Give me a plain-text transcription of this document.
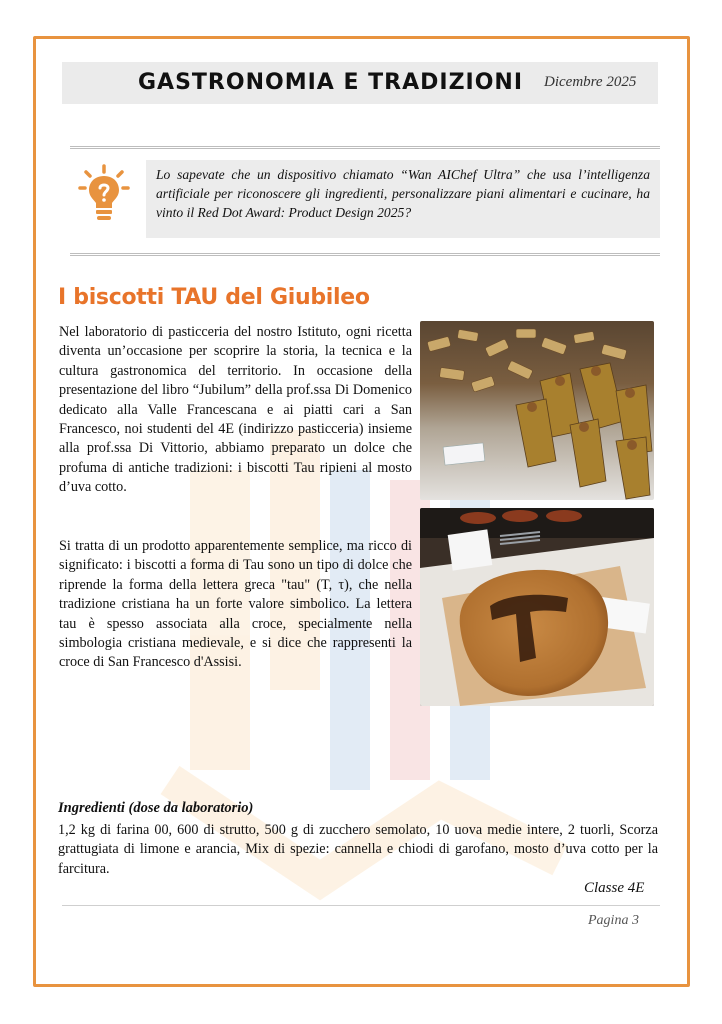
GASTRONOMIA E TRADIZIONI Dicembre 2025
Lo sapevate che un dispositivo chiamato “Wan AIChef Ultra” che usa l’intelligenza artificiale per riconoscere gli ingredienti, personalizzare piani alimentari e cucinare, ha vinto il Red Dot Award: Product Design 2025?
I biscotti TAU del Giubileo
Nel laboratorio di pasticceria del nostro Istituto, ogni ricetta diventa un’occasione per scoprire la storia, la tecnica e la cultura gastronomica del territorio. In occasione della presentazione del libro “Jubilum” della prof.ssa Di Domenico dedicato alla Valle Francescana e ai piatti cari a San Francesco, noi studenti del 4E (indirizzo pasticceria) insieme alla prof.ssa Di Vittorio, abbiamo preparato un dolce che profuma di antiche tradizioni: i biscotti Tau ripieni al mosto d’uva cotto.
Si tratta di un prodotto apparentemente semplice, ma ricco di significato: i biscotti a forma di Tau sono un tipo di dolce che riprende la forma della lettera greca "tau" (Τ, τ), che nella tradizione cristiana ha un forte valore simbolico. La lettera tau è spesso associata alla croce, specialmente nella simbologia cristiana medievale, e si dice che rappresenti la croce di San Francesco d'Assisi.
Ingredienti (dose da laboratorio)
1,2 kg di farina 00, 600 di strutto, 500 g di zucchero semolato, 10 uova medie intere, 2 tuorli, Scorza grattugiata di limone e arancia, Mix di spezie: cannella e chiodi di garofano, mosto d’uva cotto per la farcitura.
Classe 4E
Pagina 3
